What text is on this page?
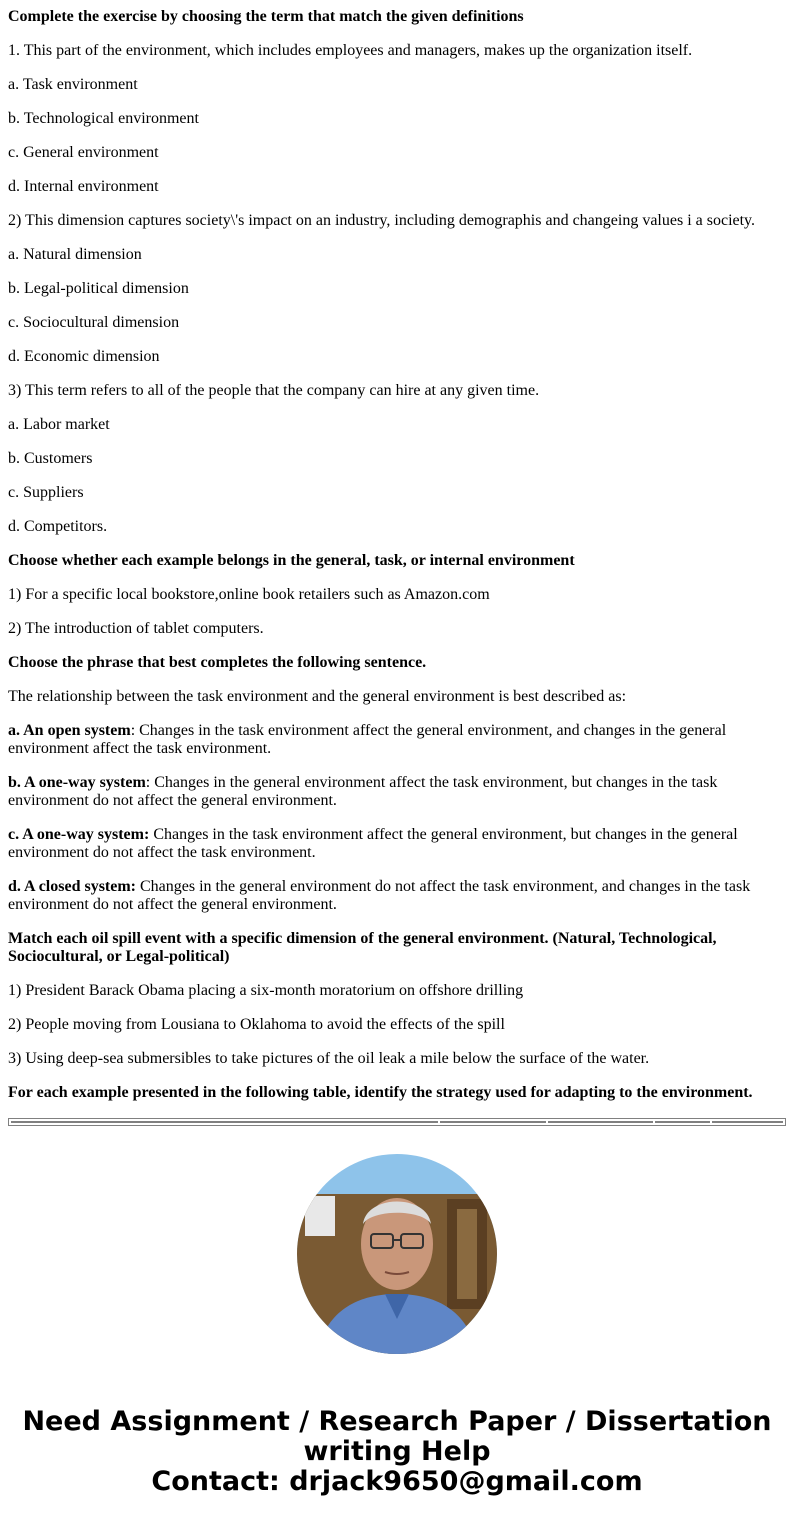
Complete the exercise by choosing the term that match the given definitions

1. This part of the environment, which includes employees and managers, makes up the organization itself.

a. Task environment

b. Technological environment

c. General environment

d. Internal environment

2) This dimension captures society\'s impact on an industry, including demographis and changeing values i a society.

a. Natural dimension

b. Legal-political dimension

c. Sociocultural dimension

d. Economic dimension

3) This term refers to all of the people that the company can hire at any given time.

a. Labor market

b. Customers

c. Suppliers

d. Competitors.

Choose whether each example belongs in the general, task, or internal environment

1) For a specific local bookstore,online book retailers such as Amazon.com

2) The introduction of tablet computers.

Choose the phrase that best completes the following sentence.

The relationship between the task environment and the general environment is best described as:

a. An open system: Changes in the task environment affect the general environment, and changes in the general environment affect the task environment.

b. A one-way system: Changes in the general environment affect the task environment, but changes in the task environment do not affect the general environment.

c. A one-way system: Changes in the task environment affect the general environment, but changes in the general environment do not affect the task environment.

d. A closed system: Changes in the general environment do not affect the task environment, and changes in the task environment do not affect the general environment.

Match each oil spill event with a specific dimension of the general environment. (Natural, Technological, Sociocultural, or Legal-political)

1) President Barack Obama placing a six-month moratorium on offshore drilling

2) People moving from Lousiana to Oklahoma to avoid the effects of the spill

3) Using deep-sea submersibles to take pictures of the oil leak a mile below the surface of the water.

For each example presented in the following table, identify the strategy used for adapting to the environment.

Need Assignment / Research Paper / Dissertation writing Help
Contact: drjack9650@gmail.com
